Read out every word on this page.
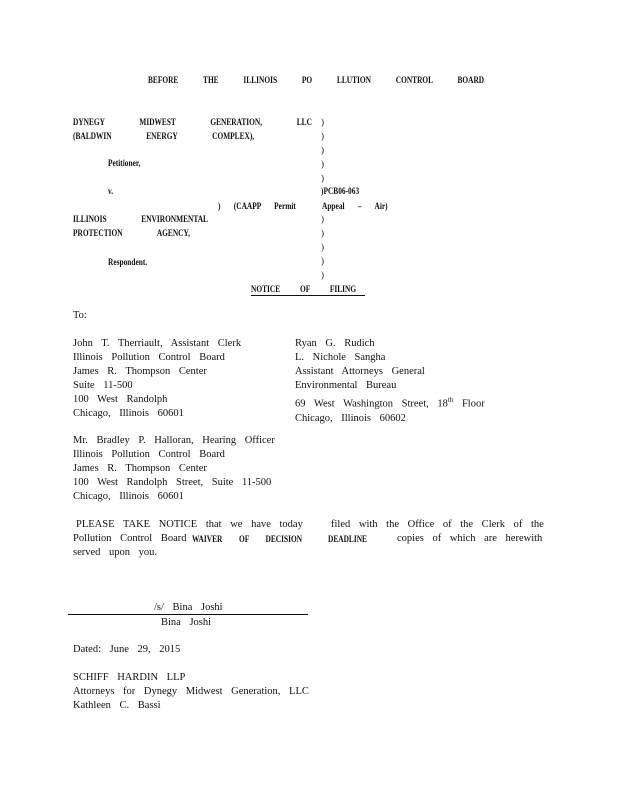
BEFORE THE ILLINOIS PO LLUTION CONTROL BOARD
DYNEGY MIDWEST GENERATION, LLC
(BALDWIN ENERGY COMPLEX),
Petitioner,
v.
)
)
)
)
)
)PCB06-063
) (CAAPP Permit	Appeal – Air)
)
)
)
)
)
ILLINOIS ENVIRONMENTAL
PROTECTION AGENCY,
Respondent.
NOTICE OF FILING
To:
John T. Therriault, Assistant Clerk
Illinois Pollution Control Board
James R. Thompson Center
Suite 11-500
100 West Randolph
Chicago, Illinois 60601
Ryan G. Rudich
L. Nichole Sangha
Assistant Attorneys General
Environmental Bureau
69 West Washington Street, 18th Floor
Chicago, Illinois 60602
Mr. Bradley P. Halloran, Hearing Officer
Illinois Pollution Control Board
James R. Thompson Center
100 West Randolph Street, Suite 11-500
Chicago, Illinois 60601
PLEASE TAKE NOTICE that we have today	filed with the Office of the Clerk of the
Pollution Control Board WAIVER OF DECISION	DEADLINE	copies of which are herewith
served upon you.
/s/ Bina Joshi
Bina Joshi
Dated: June 29, 2015
SCHIFF HARDIN LLP
Attorneys for Dynegy Midwest Generation, LLC
Kathleen C. Bassi
